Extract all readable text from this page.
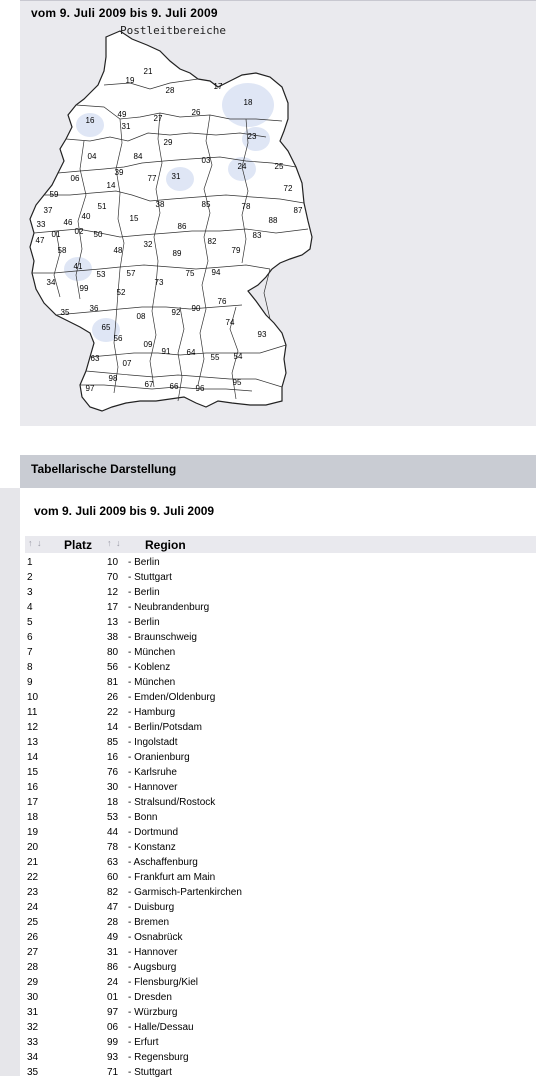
vom 9. Juli 2009 bis 9. Juli 2009
24	25
23
18
17
26
27
28
21
19
16
49
31
29
39
14
15
48
32
38
31
03
46
33
59
37
06
04
01 02
47
58
34
99
41
50
40
51
57
52
53
35	36
07
09
08
56
65
63
98
97	96
95
54
55
64
66
67
91
90
92
76
74
93
94
75
73
89
86
84
77
72
85	78
88
87
82
83
79
Postleitbereiche
Tabellarische Darstellung
vom 9. Juli 2009 bis 9. Juli 2009
↑ ↓ Platz ↑ ↓ Region
1	10 - Berlin
2	70 - Stuttgart
3	12 - Berlin
4	17 - Neubrandenburg
5	13 - Berlin
6	38 - Braunschweig
7	80 - München
8	56 - Koblenz
9	81 - München
10	26 - Emden/Oldenburg
11	22 - Hamburg
12	14 - Berlin/Potsdam
13	85 - Ingolstadt
14	16 - Oranienburg
15	76 - Karlsruhe
16	30 - Hannover
17	18 - Stralsund/Rostock
18	53 - Bonn
19	44 - Dortmund
20	78 - Konstanz
21	63 - Aschaffenburg
22	60 - Frankfurt am Main
23	82 - Garmisch-Partenkirchen
24	47 - Duisburg
25	28 - Bremen
26	49 - Osnabrück
27	31 - Hannover
28	86 - Augsburg
29	24 - Flensburg/Kiel
30	01 - Dresden
31	97 - Würzburg
32	06 - Halle/Dessau
33	99 - Erfurt
34	93 - Regensburg
35	71 - Stuttgart
